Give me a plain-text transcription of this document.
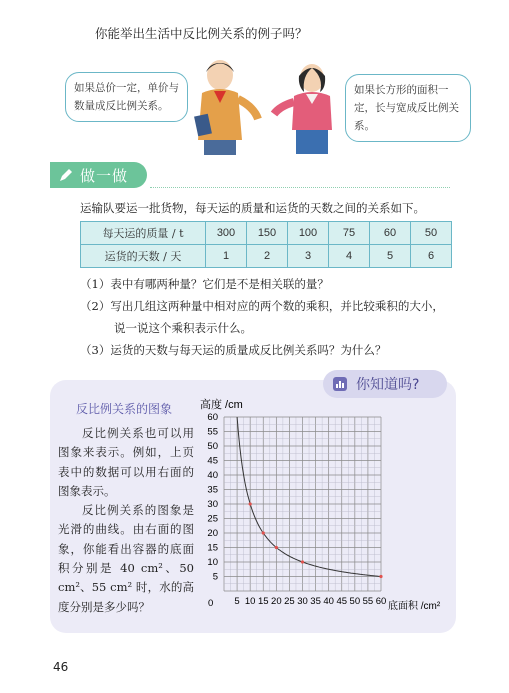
你能举出生活中反比例关系的例子吗？
如果总价一定，单价与数量成反比例关系。
如果长方形的面积一定，长与宽成反比例关系。
做一做
运输队要运一批货物，每天运的质量和运货的天数之间的关系如下。
每天运的质量 / t	300	150	100	75	60	50
运货的天数 / 天	1	2	3	4	5	6
（1）表中有哪两种量？它们是不是相关联的量？
（2）写出几组这两种量中相对应的两个数的乘积，并比较乘积的大小，
说一说这个乘积表示什么。
（3）运货的天数与每天运的质量成反比例关系吗？为什么？
你知道吗?
反比例关系的图象

反比例关系也可以用图象来表示。例如，上页表中的数据可以用右面的图象表示。

反比例关系的图象是光滑的曲线。由右面的图象，你能看出容器的底面积分别是 40 cm²、50 cm²、55 cm² 时，水的高度分别是多少吗？	5 10 15 20 25 30 35 40 45 50 55 60
5
10
15
20
25
30
35
40
45
50
55
60
高度 /cm
底面积 /cm²
0
46
